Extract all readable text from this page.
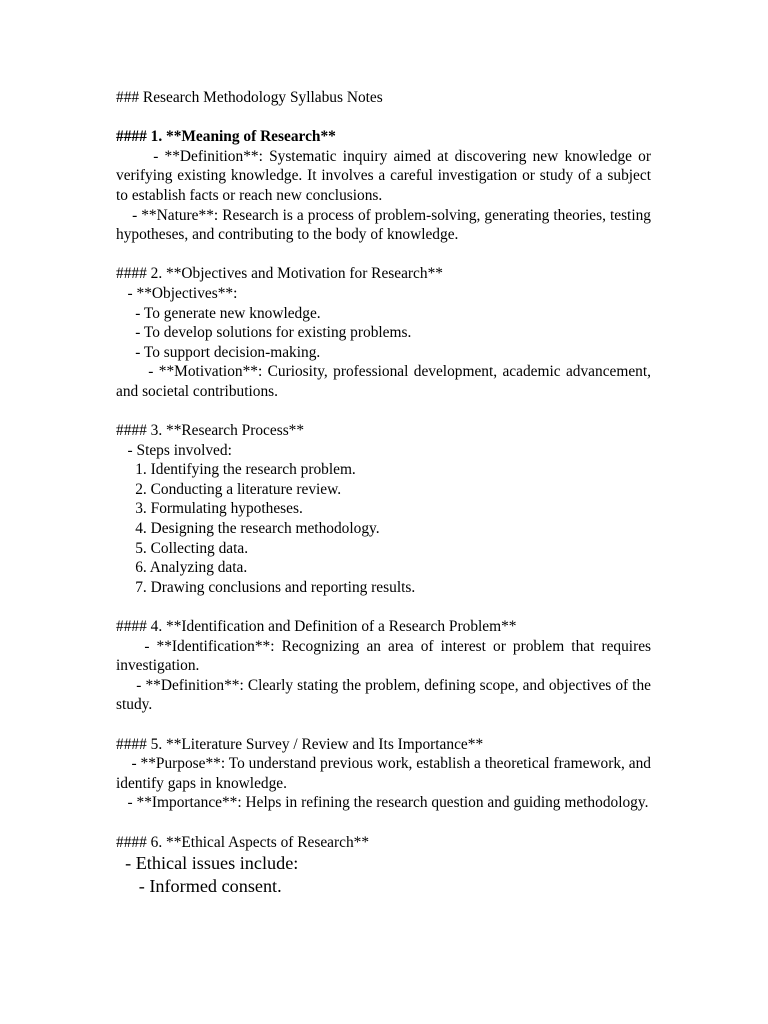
### Research Methodology Syllabus Notes
#### 1. **Meaning of Research**
- **Definition**: Systematic inquiry aimed at discovering new knowledge or verifying existing knowledge. It involves a careful investigation or study of a subject to establish facts or reach new conclusions.
- **Nature**: Research is a process of problem-solving, generating theories, testing hypotheses, and contributing to the body of knowledge.
#### 2. **Objectives and Motivation for Research**
- **Objectives**:
- To generate new knowledge.
- To develop solutions for existing problems.
- To support decision-making.
- **Motivation**: Curiosity, professional development, academic advancement, and societal contributions.
#### 3. **Research Process**
- Steps involved:
1. Identifying the research problem.
2. Conducting a literature review.
3. Formulating hypotheses.
4. Designing the research methodology.
5. Collecting data.
6. Analyzing data.
7. Drawing conclusions and reporting results.
#### 4. **Identification and Definition of a Research Problem**
- **Identification**: Recognizing an area of interest or problem that requires investigation.
- **Definition**: Clearly stating the problem, defining scope, and objectives of the study.
#### 5. **Literature Survey / Review and Its Importance**
- **Purpose**: To understand previous work, establish a theoretical framework, and identify gaps in knowledge.
- **Importance**: Helps in refining the research question and guiding methodology.
#### 6. **Ethical Aspects of Research**
- Ethical issues include:
- Informed consent.
